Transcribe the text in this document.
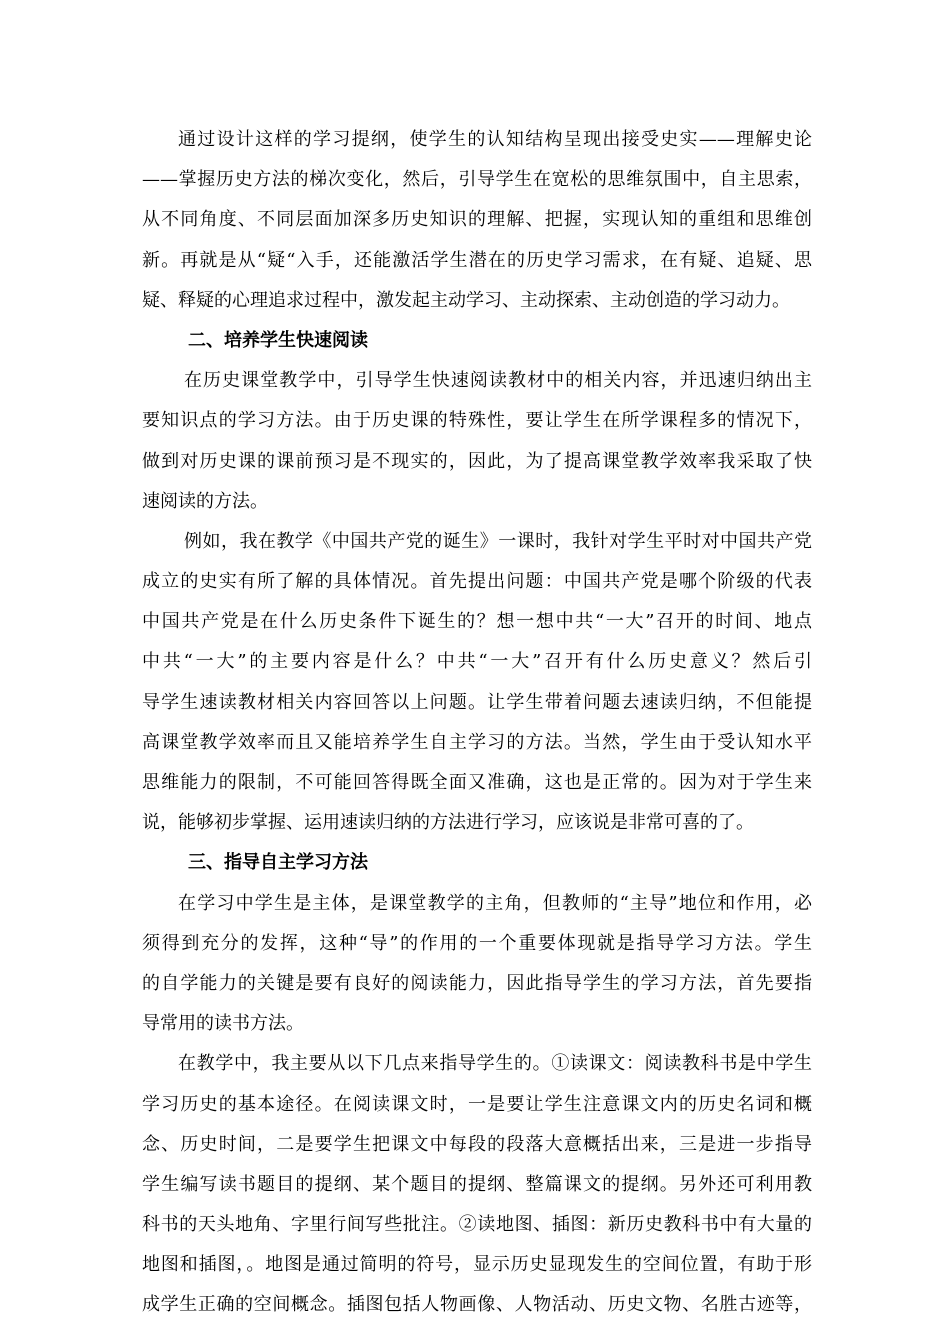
通过设计这样的学习提纲，使学生的认知结构呈现出接受史实——理解史论
——掌握历史方法的梯次变化，然后，引导学生在宽松的思维氛围中，自主思索，
从不同角度、不同层面加深多历史知识的理解、把握，实现认知的重组和思维创
新。再就是从“疑“入手，还能激活学生潜在的历史学习需求，在有疑、追疑、思
疑、释疑的心理追求过程中，激发起主动学习、主动探索、主动创造的学习动力。
二、培养学生快速阅读
在历史课堂教学中，引导学生快速阅读教材中的相关内容，并迅速归纳出主
要知识点的学习方法。由于历史课的特殊性，要让学生在所学课程多的情况下，
做到对历史课的课前预习是不现实的，因此，为了提高课堂教学效率我采取了快
速阅读的方法。
例如，我在教学《中国共产党的诞生》一课时，我针对学生平时对中国共产党
成立的史实有所了解的具体情况。首先提出问题：中国共产党是哪个阶级的代表
中国共产党是在什么历史条件下诞生的？想一想中共“一大”召开的时间、地点
中共“一大”的主要内容是什么？中共“一大”召开有什么历史意义？然后引
导学生速读教材相关内容回答以上问题。让学生带着问题去速读归纳，不但能提
高课堂教学效率而且又能培养学生自主学习的方法。当然，学生由于受认知水平
思维能力的限制，不可能回答得既全面又准确，这也是正常的。因为对于学生来
说，能够初步掌握、运用速读归纳的方法进行学习，应该说是非常可喜的了。
三、指导自主学习方法
在学习中学生是主体，是课堂教学的主角，但教师的“主导”地位和作用，必
须得到充分的发挥，这种“导”的作用的一个重要体现就是指导学习方法。学生
的自学能力的关键是要有良好的阅读能力，因此指导学生的学习方法，首先要指
导常用的读书方法。
在教学中，我主要从以下几点来指导学生的。①读课文：阅读教科书是中学生
学习历史的基本途径。在阅读课文时，一是要让学生注意课文内的历史名词和概
念、历史时间，二是要学生把课文中每段的段落大意概括出来，三是进一步指导
学生编写读书题目的提纲、某个题目的提纲、整篇课文的提纲。另外还可利用教
科书的天头地角、字里行间写些批注。②读地图、插图：新历史教科书中有大量的
地图和插图，。地图是通过简明的符号，显示历史显现发生的空间位置，有助于形
成学生正确的空间概念。插图包括人物画像、人物活动、历史文物、名胜古迹等，
